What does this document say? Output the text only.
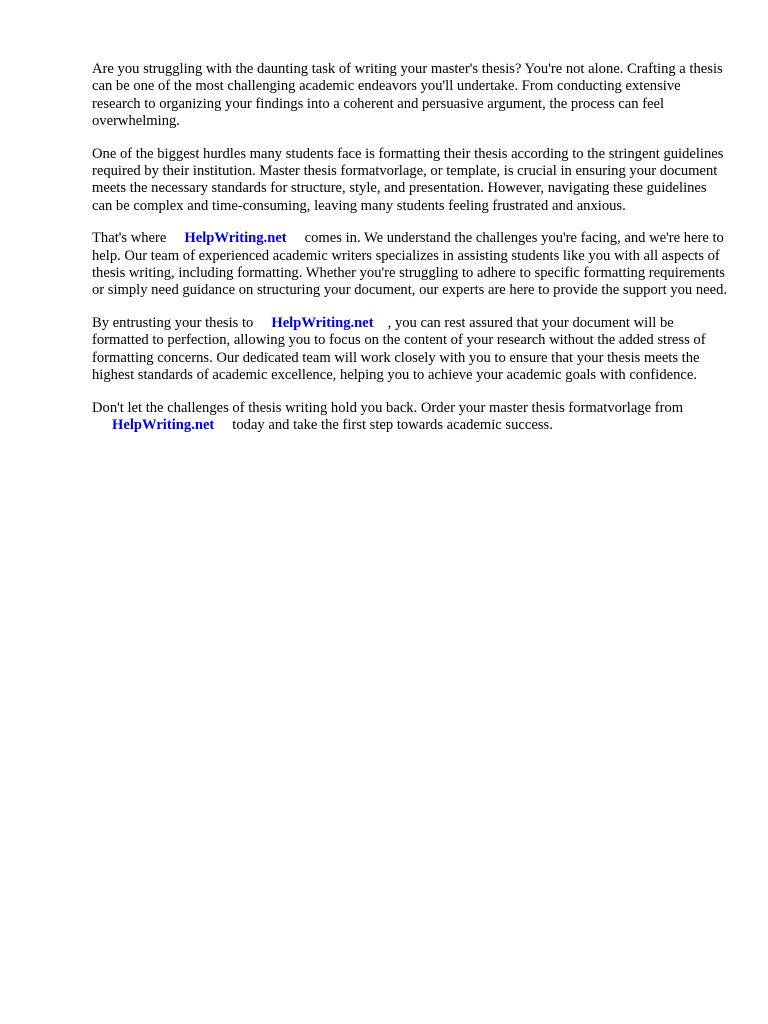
Are you struggling with the daunting task of writing your master's thesis? You're not alone. Crafting a thesis can be one of the most challenging academic endeavors you'll undertake. From conducting extensive research to organizing your findings into a coherent and persuasive argument, the process can feel overwhelming.

One of the biggest hurdles many students face is formatting their thesis according to the stringent guidelines required by their institution. Master thesis formatvorlage, or template, is crucial in ensuring your document meets the necessary standards for structure, style, and presentation. However, navigating these guidelines can be complex and time-consuming, leaving many students feeling frustrated and anxious.

That's where HelpWriting.net comes in. We understand the challenges you're facing, and we're here to help. Our team of experienced academic writers specializes in assisting students like you with all aspects of thesis writing, including formatting. Whether you're struggling to adhere to specific formatting requirements or simply need guidance on structuring your document, our experts are here to provide the support you need.

By entrusting your thesis to HelpWriting.net , you can rest assured that your document will be formatted to perfection, allowing you to focus on the content of your research without the added stress of formatting concerns. Our dedicated team will work closely with you to ensure that your thesis meets the highest standards of academic excellence, helping you to achieve your academic goals with confidence.

Don't let the challenges of thesis writing hold you back. Order your master thesis formatvorlage from
HelpWriting.net today and take the first step towards academic success.
